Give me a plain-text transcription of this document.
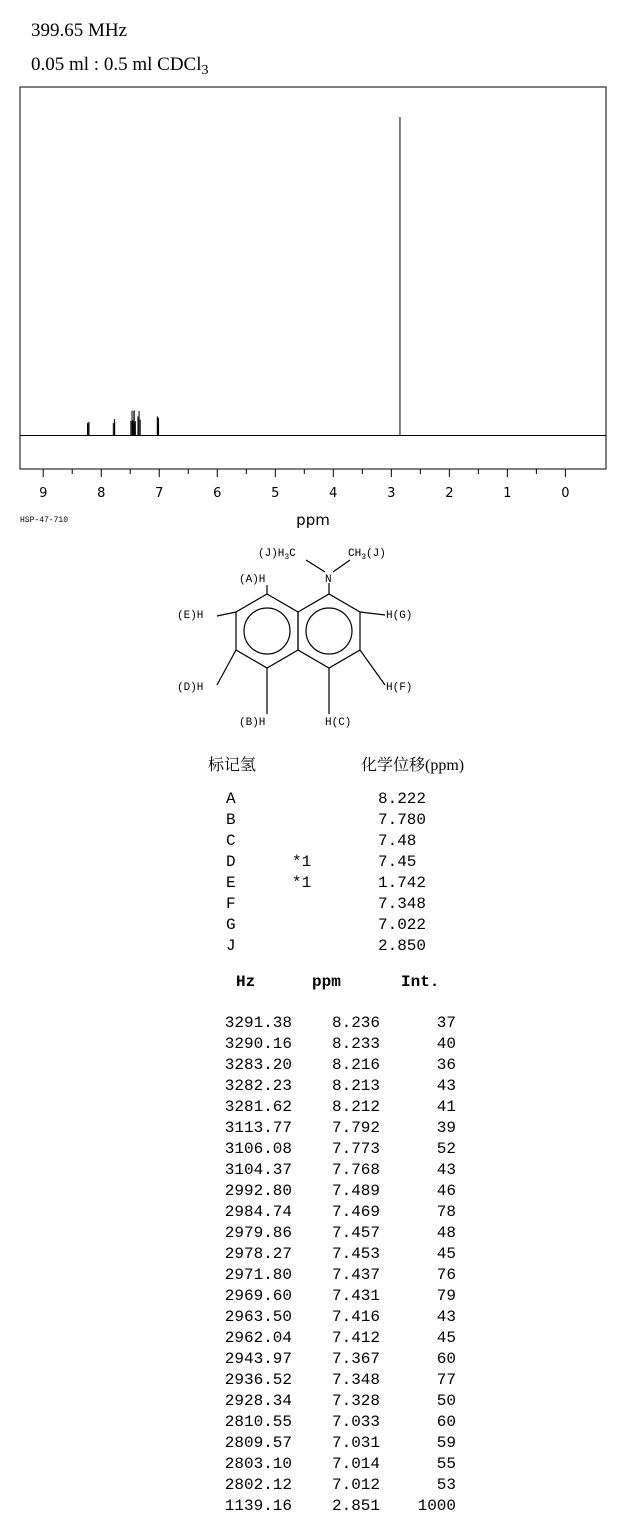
399.65 MHz
0.05 ml : 0.5 ml CDCl$_3$
9	8	7	6	5	4	3	2	1	0
ppm
HSP-47-710
$(J)H_3C$	$CH_3(J)$
N
(A)H
H(G)
(E)H
(D)H	H(F)
(B)H	H(C)
标记氢	化学位移(ppm)
A	8.222
B	7.780
C	7.48
D	*1	7.45
E	*1	1.742
F	7.348
G	7.022
J	2.850
Hz	ppm	Int.
3291.38	8.236	37
3290.16	8.233	40
3283.20	8.216	36
3282.23	8.213	43
3281.62	8.212	41
3113.77	7.792	39
3106.08	7.773	52
3104.37	7.768	43
2992.80	7.489	46
2984.74	7.469	78
2979.86	7.457	48
2978.27	7.453	45
2971.80	7.437	76
2969.60	7.431	79
2963.50	7.416	43
2962.04	7.412	45
2943.97	7.367	60
2936.52	7.348	77
2928.34	7.328	50
2810.55	7.033	60
2809.57	7.031	59
2803.10	7.014	55
2802.12	7.012	53
1139.16	2.851	1000
